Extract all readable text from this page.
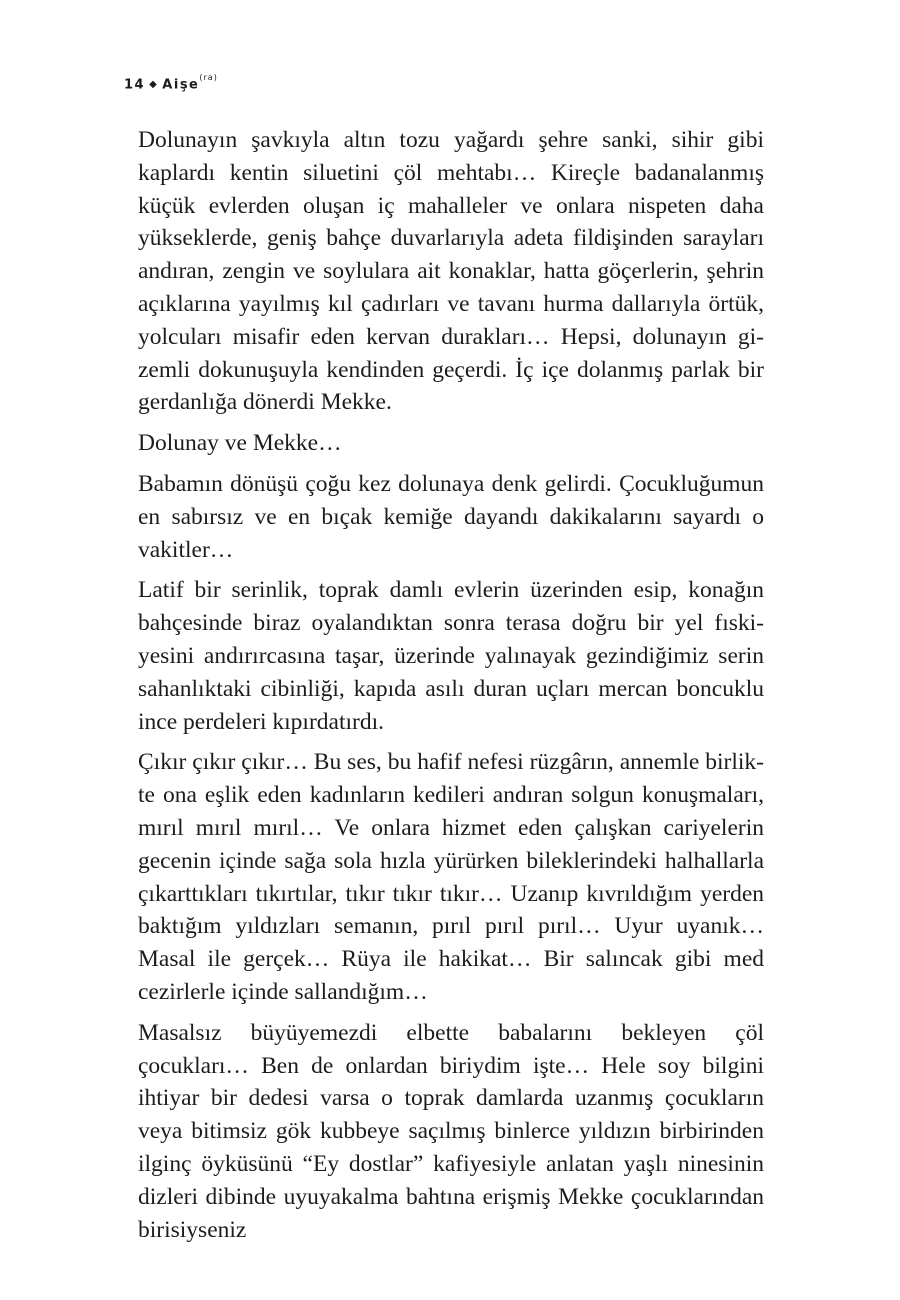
14 ◆ Aişe$^{(ra)}$

Dolunayın şavkıyla altın tozu yağardı şehre sanki, sihir gibi kaplardı kentin siluetini çöl mehtabı… Kireçle badanalanmış küçük evlerden oluşan iç mahalleler ve onlara nispeten daha yükseklerde, geniş bahçe duvarlarıyla adeta fildişinden sarayları andıran, zengin ve soylulara ait konaklar, hatta göçerlerin, şehrin açıklarına yayılmış kıl çadırları ve tavanı hurma dallarıyla örtük, yolcuları misafir eden kervan durakları… Hepsi, dolunayın gizemli dokunuşuyla kendinden geçerdi. İç içe dolanmış parlak bir gerdanlığa dönerdi Mekke.

Dolunay ve Mekke…

Babamın dönüşü çoğu kez dolunaya denk gelirdi. Çocukluğumun en sabırsız ve en bıçak kemiğe dayandı dakikalarını sayardı o vakitler…

Latif bir serinlik, toprak damlı evlerin üzerinden esip, konağın bahçesinde biraz oyalandıktan sonra terasa doğru bir yel fıskiyesini andırırcasına taşar, üzerinde yalınayak gezindiğimiz serin sahanlıktaki cibinliği, kapıda asılı duran uçları mercan boncuklu ince perdeleri kıpırdatırdı.

Çıkır çıkır çıkır… Bu ses, bu hafif nefesi rüzgârın, annemle birlikte ona eşlik eden kadınların kedileri andıran solgun konuşmaları, mırıl mırıl mırıl… Ve onlara hizmet eden çalışkan cariyelerin gecenin içinde sağa sola hızla yürürken bileklerindeki halhallarla çıkarttıkları tıkırtılar, tıkır tıkır tıkır… Uzanıp kıvrıldığım yerden baktığım yıldızları semanın, pırıl pırıl pırıl… Uyur uyanık… Masal ile gerçek… Rüya ile hakikat… Bir salıncak gibi med cezirlerle içinde sallandığım…

Masalsız büyüyemezdi elbette babalarını bekleyen çöl çocukları… Ben de onlardan biriydim işte… Hele soy bilgini ihtiyar bir dedesi varsa o toprak damlarda uzanmış çocukların veya bitimsiz gök kubbeye saçılmış binlerce yıldızın birbirinden ilginç öyküsünü “Ey dostlar” kafiyesiyle anlatan yaşlı ninesinin dizleri dibinde uyuyakalma bahtına erişmiş Mekke çocuklarından birisiyseniz
